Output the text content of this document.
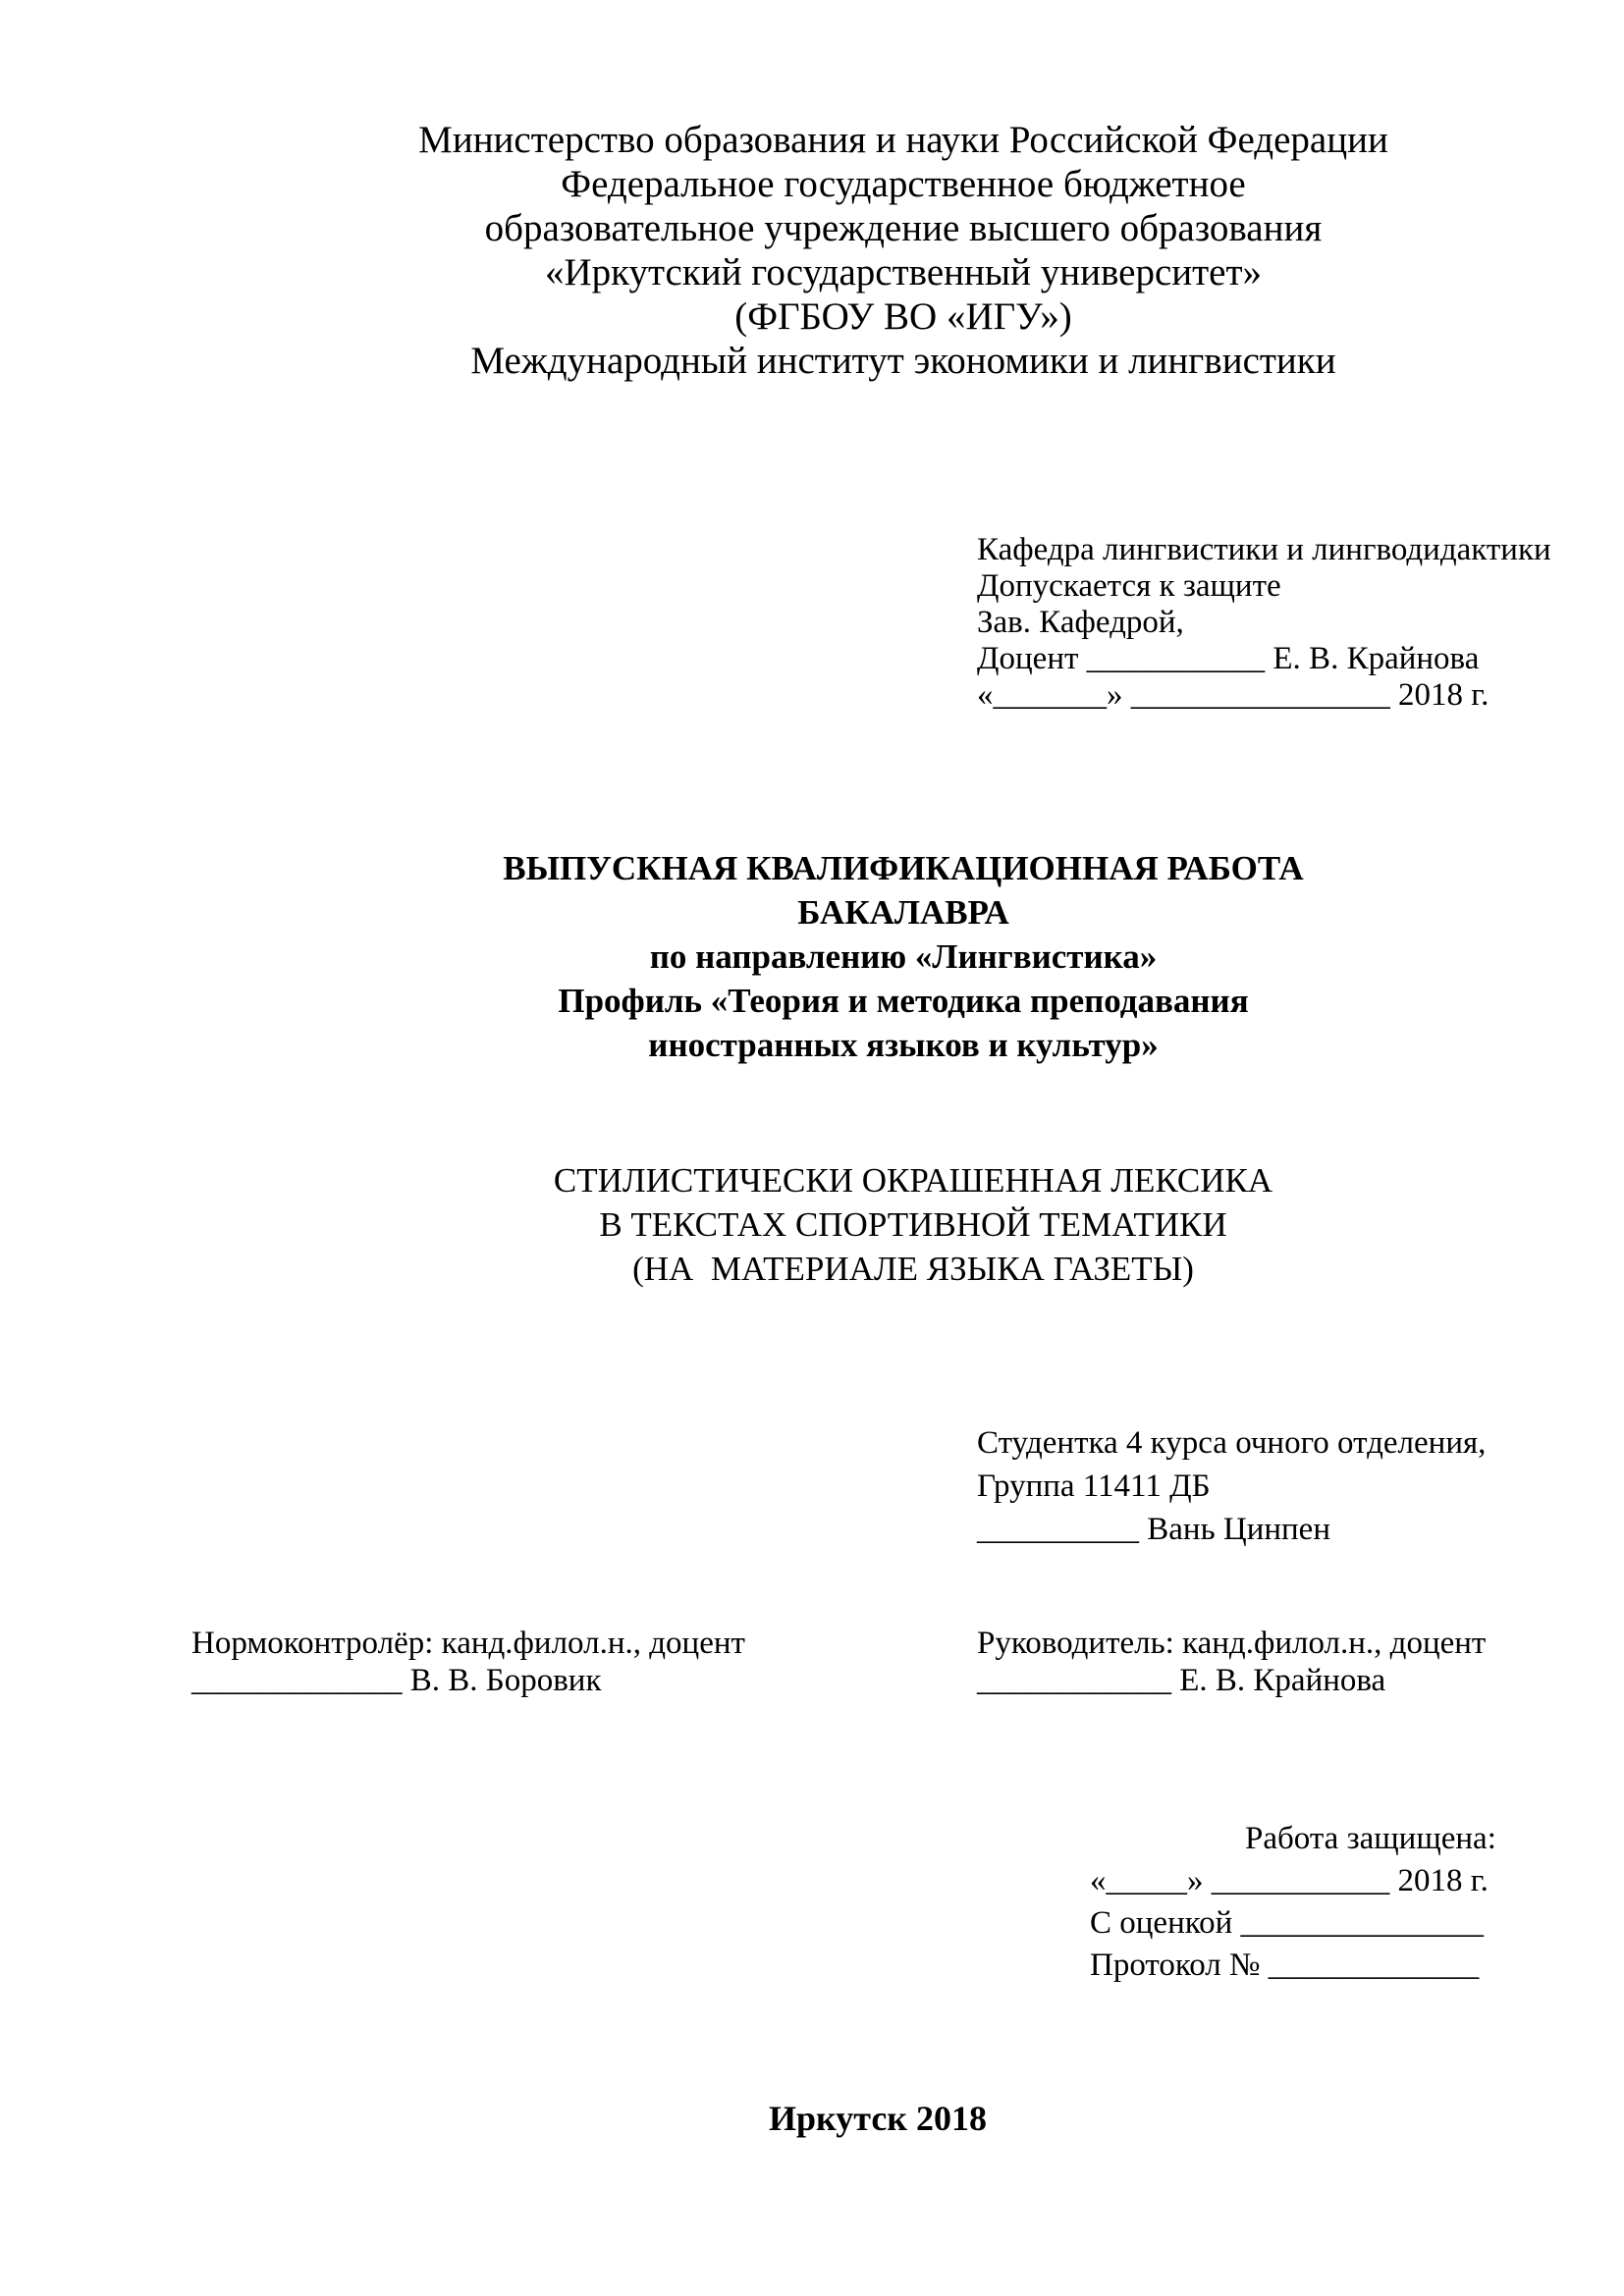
Министерство образования и науки Российской Федерации
Федеральное государственное бюджетное
образовательное учреждение высшего образования
«Иркутский государственный университет»
(ФГБОУ ВО «ИГУ»)
Международный институт экономики и лингвистики
Кафедра лингвистики и лингводидактики
Допускается к защите
Зав. Кафедрой,
Доцент ___________ Е. В. Крайнова
«_______» ________________ 2018 г.
ВЫПУСКНАЯ КВАЛИФИКАЦИОННАЯ РАБОТА
БАКАЛАВРА
по направлению «Лингвистика»
Профиль «Теория и методика преподавания
иностранных языков и культур»
СТИЛИСТИЧЕСКИ ОКРАШЕННАЯ ЛЕКСИКА
В ТЕКСТАХ СПОРТИВНОЙ ТЕМАТИКИ
(НА  МАТЕРИАЛЕ ЯЗЫКА ГАЗЕТЫ)
Студентка 4 курса очного отделения,
Группа 11411 ДБ
__________ Вань Цинпен
Нормоконтролёр: канд.филол.н., доцент
_____________ В. В. Боровик
Руководитель: канд.филол.н., доцент
____________ Е. В. Крайнова
Работа защищена:
«_____» ___________ 2018 г.
С оценкой _______________
Протокол № _____________
Иркутск 2018
